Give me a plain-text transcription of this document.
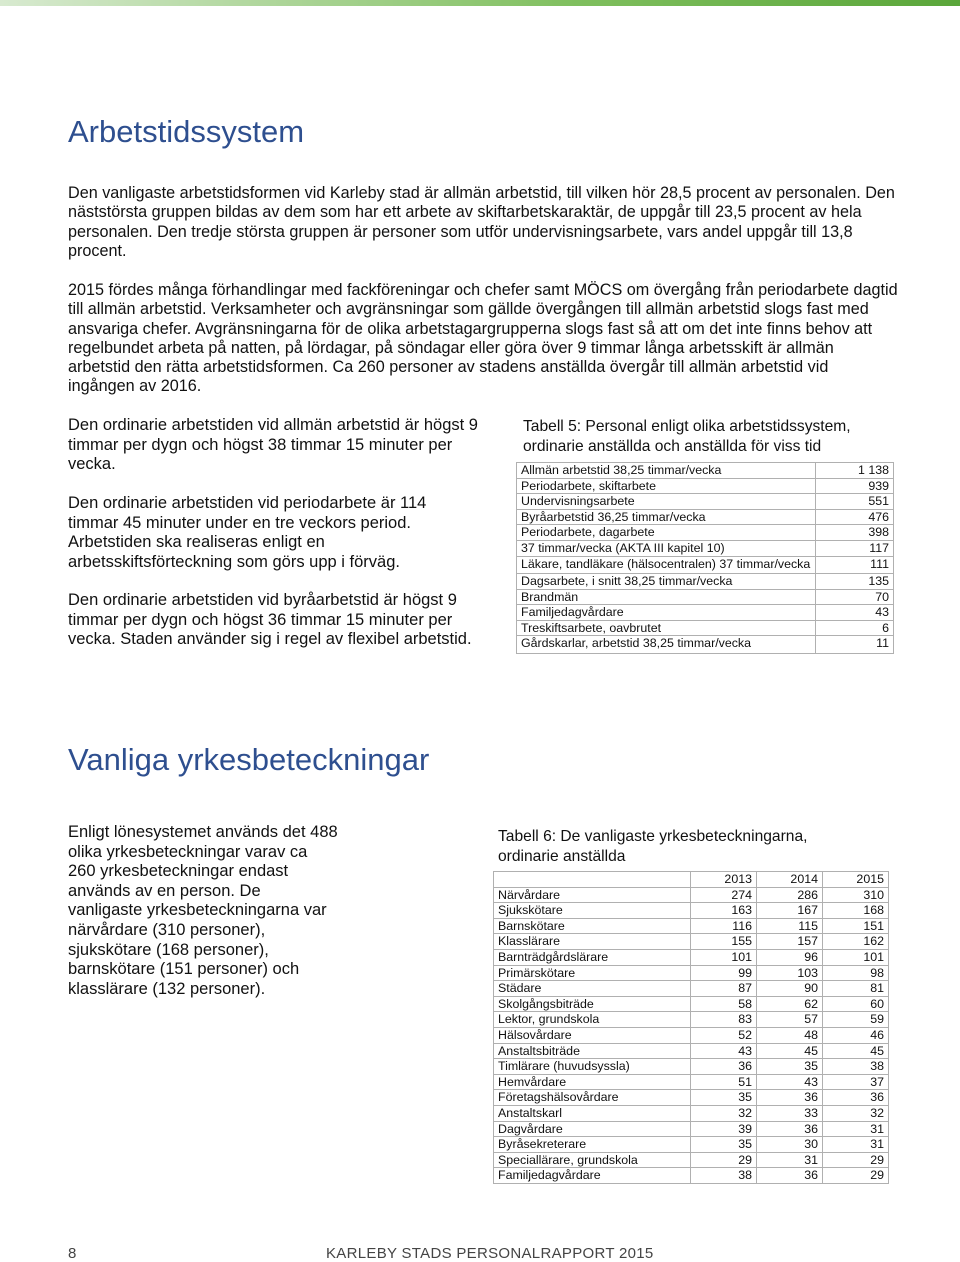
Arbetstidssystem

Den vanligaste arbetstidsformen vid Karleby stad är allmän arbetstid, till vilken hör 28,5 procent av personalen. Den näststörsta gruppen bildas av dem som har ett arbete av skiftarbetskaraktär, de uppgår till 23,5 procent av hela personalen. Den tredje största gruppen är personer som utför undervisningsarbete, vars andel uppgår till 13,8 procent.

2015 fördes många förhandlingar med fackföreningar och chefer samt MÖCS om övergång från periodarbete dagtid till allmän arbetstid. Verksamheter och avgränsningar som gällde övergången till allmän arbetstid slogs fast med ansvariga chefer. Avgränsningarna för de olika arbetstagargrupperna slogs fast så att om det inte finns behov att regelbundet arbeta på natten, på lördagar, på söndagar eller göra över 9 timmar långa arbetsskift är allmän arbetstid den rätta arbetstidsformen. Ca 260 personer av stadens anställda övergår till allmän arbetstid vid ingången av 2016.

Den ordinarie arbetstiden vid allmän arbetstid är högst 9 timmar per dygn och högst 38 timmar 15 minuter per vecka.

Den ordinarie arbetstiden vid periodarbete är 114 timmar 45 minuter under en tre veckors period. Arbetstiden ska realiseras enligt en arbetsskiftsförteckning som görs upp i förväg.

Den ordinarie arbetstiden vid byråarbetstid är högst 9 timmar per dygn och högst 36 timmar 15 minuter per vecka. Staden använder sig i regel av flexibel arbetstid.

Tabell 5: Personal enligt olika arbetstidssystem, ordinarie anställda och anställda för viss tid

Allmän arbetstid 38,25 timmar/vecka	1 138
Periodarbete, skiftarbete	939
Undervisningsarbete	551
Byråarbetstid 36,25 timmar/vecka	476
Periodarbete, dagarbete	398
37 timmar/vecka (AKTA III kapitel 10)	117
Läkare, tandläkare (hälsocentralen) 37 timmar/vecka	111
Dagsarbete, i snitt 38,25 timmar/vecka	135
Brandmän	70
Familjedagvårdare	43
Treskiftsarbete, oavbrutet	6
Gårdskarlar, arbetstid 38,25 timmar/vecka	11
Vanliga yrkesbeteckningar

Enligt lönesystemet används det 488 olika yrkesbeteckningar varav ca 260 yrkesbeteckningar endast används av en person. De vanligaste yrkesbeteckningarna var närvårdare (310 personer), sjukskötare (168 personer), barnskötare (151 personer) och klasslärare (132 personer).

Tabell 6: De vanligaste yrkesbeteckningarna, ordinarie anställda

	2013	2014	2015
Närvårdare	274	286	310
Sjukskötare	163	167	168
Barnskötare	116	115	151
Klasslärare	155	157	162
Barnträdgårdslärare	101	96	101
Primärskötare	99	103	98
Städare	87	90	81
Skolgångsbiträde	58	62	60
Lektor, grundskola	83	57	59
Hälsovårdare	52	48	46
Anstaltsbiträde	43	45	45
Timlärare (huvudsyssla)	36	35	38
Hemvårdare	51	43	37
Företagshälsovårdare	35	36	36
Anstaltskarl	32	33	32
Dagvårdare	39	36	31
Byråsekreterare	35	30	31
Speciallärare, grundskola	29	31	29
Familjedagvårdare	38	36	29
8	KARLEBY STADS PERSONALRAPPORT 2015
